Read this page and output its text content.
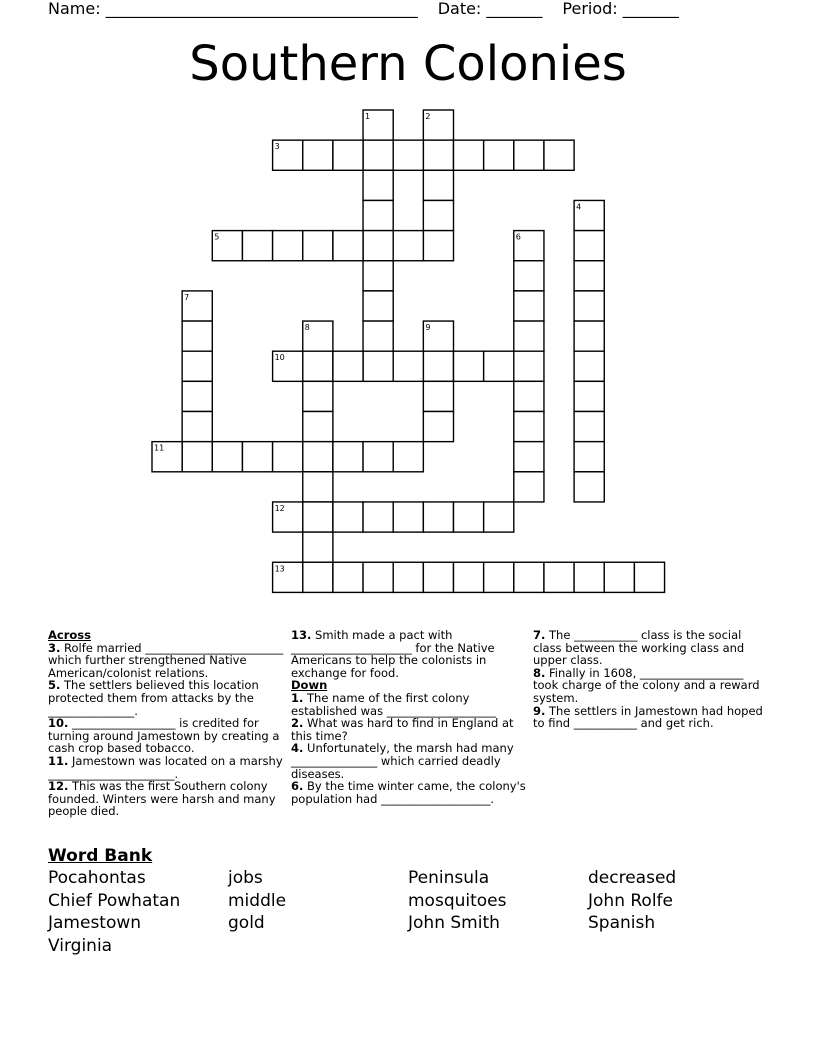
Name: _______________________________________ Date: _______ Period: _______
Southern Colonies
1	2
3
4
5	6
7
8	9
10
11
12
13
Across
3. Rolfe married ________________________ which further strengthened Native American/colonist relations.
5. The settlers believed this location protected them from attacks by the _______________.
10. __________________ is credited for turning around Jamestown by creating a cash crop based tobacco.
11. Jamestown was located on a marshy ______________________.
12. This was the first Southern colony founded. Winters were harsh and many people died.
13. Smith made a pact with _____________________ for the Native Americans to help the colonists in exchange for food.
Down
1. The name of the first colony established was ___________________
2. What was hard to find in England at this time?
4. Unfortunately, the marsh had many _______________ which carried deadly diseases.
6. By the time winter came, the colony's population had ___________________.
7. The ___________ class is the social class between the working class and upper class.
8. Finally in 1608, __________________ took charge of the colony and a reward system.
9. The settlers in Jamestown had hoped to find ___________ and get rich.
Word Bank
Pocahontas	jobs	Peninsula	decreased
Chief Powhatan	middle	mosquitoes	John Rolfe
Jamestown	gold	John Smith	Spanish
Virginia
